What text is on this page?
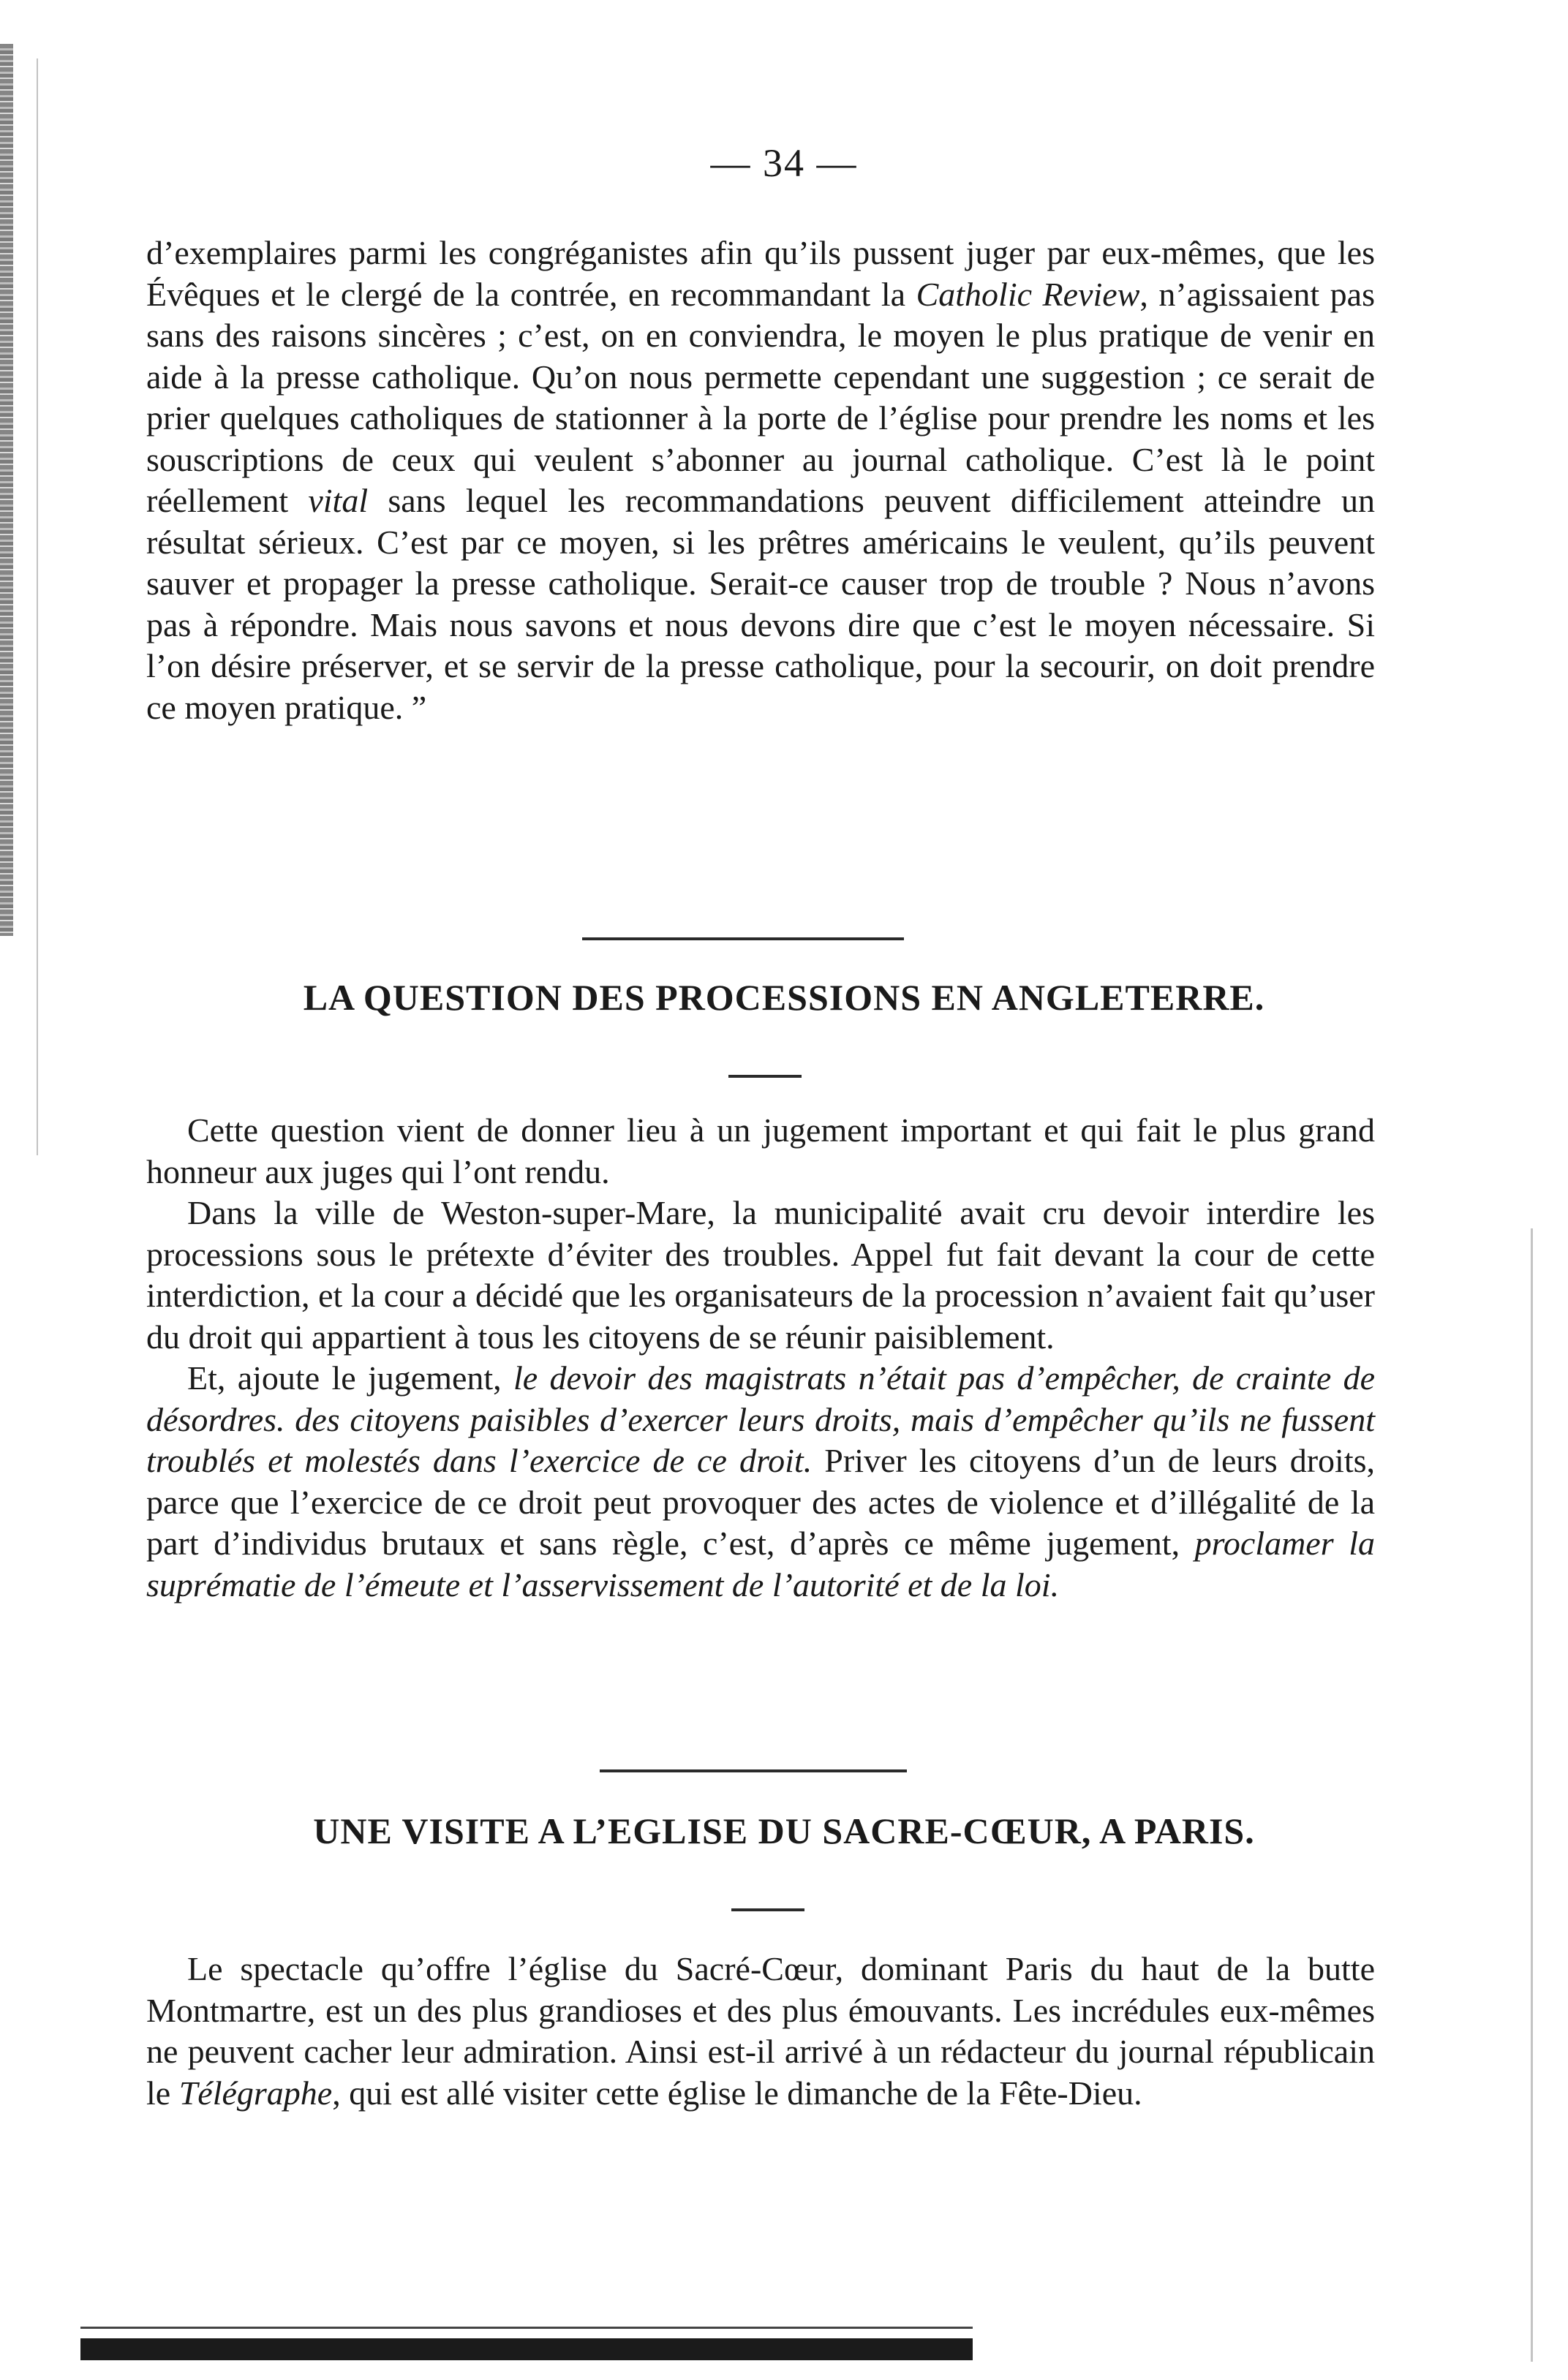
— 34 —

d’exemplaires parmi les congréganistes afin qu’ils pussent juger par eux-mêmes, que les Évêques et le clergé de la contrée, en recommandant la Catholic Review, n’agissaient pas sans des raisons sincères ; c’est, on en conviendra, le moyen le plus pratique de venir en aide à la presse catholique. Qu’on nous permette cependant une suggestion ; ce serait de prier quelques catholiques de stationner à la porte de l’église pour prendre les noms et les souscriptions de ceux qui veulent s’abonner au journal catholique. C’est là le point réellement vital sans lequel les recommandations peuvent difficilement atteindre un résultat sérieux. C’est par ce moyen, si les prêtres américains le veulent, qu’ils peuvent sauver et propager la presse catholique. Serait-ce causer trop de trouble ? Nous n’avons pas à répondre. Mais nous savons et nous devons dire que c’est le moyen nécessaire. Si l’on désire préserver, et se servir de la presse catholique, pour la secourir, on doit prendre ce moyen pratique. ”

LA QUESTION DES PROCESSIONS EN ANGLETERRE.

Cette question vient de donner lieu à un jugement important et qui fait le plus grand honneur aux juges qui l’ont rendu.

Dans la ville de Weston-super-Mare, la municipalité avait cru devoir interdire les processions sous le prétexte d’éviter des troubles. Appel fut fait devant la cour de cette interdiction, et la cour a décidé que les organisateurs de la procession n’avaient fait qu’user du droit qui appartient à tous les citoyens de se réunir paisiblement.

Et, ajoute le jugement, le devoir des magistrats n’était pas d’empêcher, de crainte de désordres. des citoyens paisibles d’exercer leurs droits, mais d’empêcher qu’ils ne fussent troublés et molestés dans l’exercice de ce droit. Priver les citoyens d’un de leurs droits, parce que l’exercice de ce droit peut provoquer des actes de violence et d’illégalité de la part d’individus brutaux et sans règle, c’est, d’après ce même jugement, proclamer la suprématie de l’émeute et l’asservissement de l’autorité et de la loi.

UNE VISITE A L’EGLISE DU SACRE-CŒUR, A PARIS.

Le spectacle qu’offre l’église du Sacré-Cœur, dominant Paris du haut de la butte Montmartre, est un des plus grandioses et des plus émouvants. Les incrédules eux-mêmes ne peuvent cacher leur admiration. Ainsi est-il arrivé à un rédacteur du journal républicain le Télégraphe, qui est allé visiter cette église le dimanche de la Fête-Dieu.
